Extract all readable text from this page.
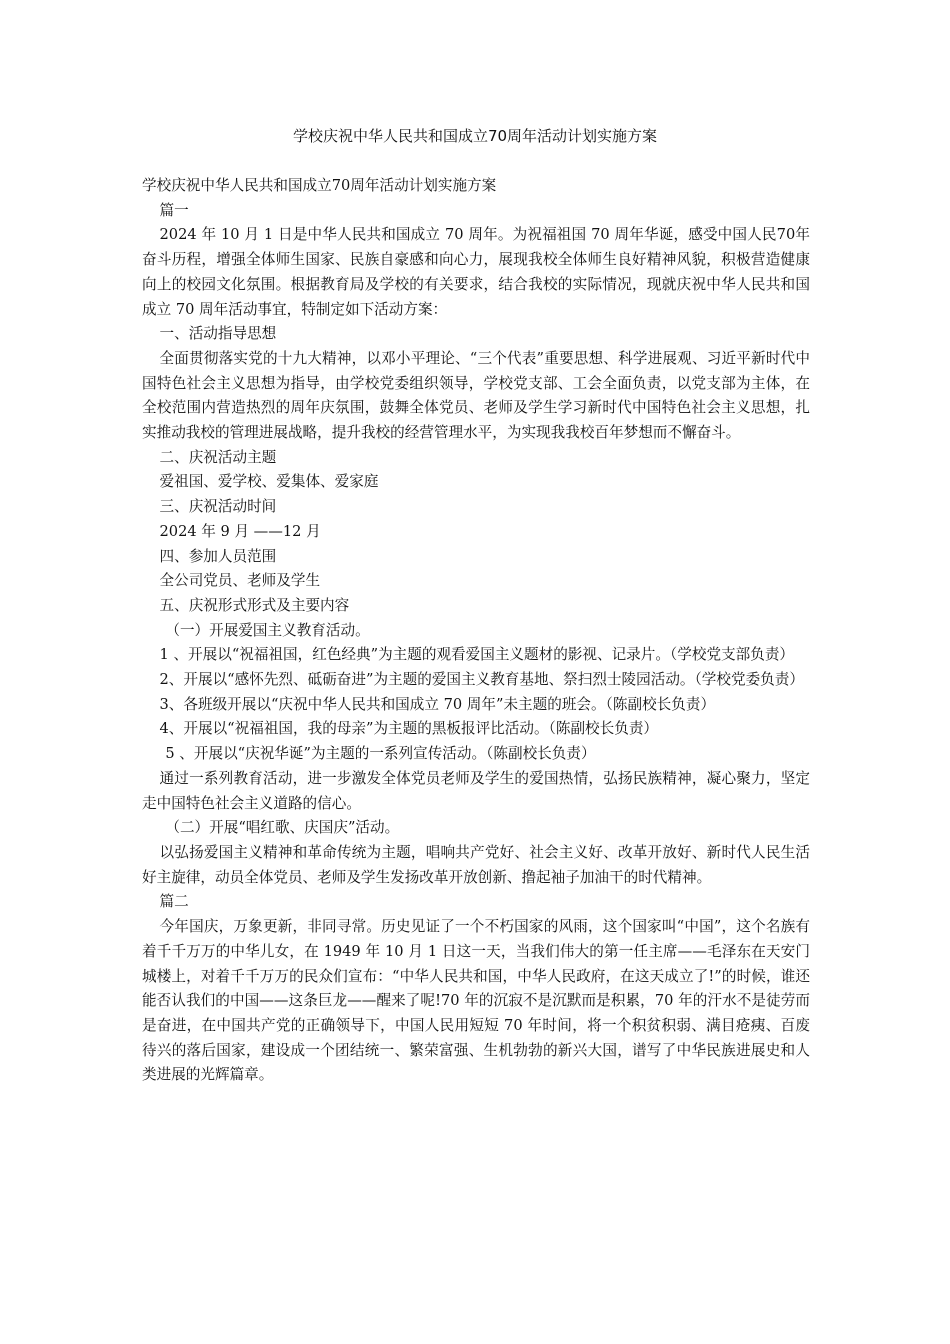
学校庆祝中华人民共和国成立70周年活动计划实施方案

学校庆祝中华人民共和国成立70周年活动计划实施方案

篇一

2024 年 10 月 1 日是中华人民共和国成立 70 周年。为祝福祖国 70 周年华诞，感受中国人民70年奋斗历程，增强全体师生国家、民族自豪感和向心力，展现我校全体师生良好精神风貌，积极营造健康向上的校园文化氛围。根据教育局及学校的有关要求，结合我校的实际情况，现就庆祝中华人民共和国成立 70 周年活动事宜，特制定如下活动方案：

一、活动指导思想

全面贯彻落实党的十九大精神，以邓小平理论、“三个代表”重要思想、科学进展观、习近平新时代中国特色社会主义思想为指导，由学校党委组织领导，学校党支部、工会全面负责，以党支部为主体，在全校范围内营造热烈的周年庆氛围，鼓舞全体党员、老师及学生学习新时代中国特色社会主义思想，扎实推动我校的管理进展战略，提升我校的经营管理水平，为实现我我校百年梦想而不懈奋斗。

二、庆祝活动主题

爱祖国、爱学校、爱集体、爱家庭

三、庆祝活动时间

2024 年 9 月 ——12 月

四、参加人员范围

全公司党员、老师及学生

五、庆祝形式形式及主要内容

（一）开展爱国主义教育活动。

1 、开展以“祝福祖国，红色经典”为主题的观看爱国主义题材的影视、记录片。（学校党支部负责）

2、开展以“感怀先烈、砥砺奋进”为主题的爱国主义教育基地、祭扫烈士陵园活动。（学校党委负责）

3、各班级开展以“庆祝中华人民共和国成立 70 周年”未主题的班会。（陈副校长负责）

4、开展以“祝福祖国，我的母亲”为主题的黑板报评比活动。（陈副校长负责）

5 、开展以“庆祝华诞”为主题的一系列宣传活动。（陈副校长负责）

通过一系列教育活动，进一步激发全体党员老师及学生的爱国热情，弘扬民族精神，凝心聚力，坚定走中国特色社会主义道路的信心。

（二）开展“唱红歌、庆国庆”活动。

以弘扬爱国主义精神和革命传统为主题，唱响共产党好、社会主义好、改革开放好、新时代人民生活好主旋律，动员全体党员、老师及学生发扬改革开放创新、撸起袖子加油干的时代精神。

篇二

今年国庆，万象更新，非同寻常。历史见证了一个不朽国家的风雨，这个国家叫“中国”，这个名族有着千千万万的中华儿女，在 1949 年 10 月 1 日这一天，当我们伟大的第一任主席——毛泽东在天安门城楼上，对着千千万万的民众们宣布：“中华人民共和国，中华人民政府，在这天成立了!”的时候，谁还能否认我们的中国——这条巨龙——醒来了呢!70 年的沉寂不是沉默而是积累，70 年的汗水不是徒劳而是奋进，在中国共产党的正确领导下，中国人民用短短 70 年时间，将一个积贫积弱、满目疮痍、百废待兴的落后国家，建设成一个团结统一、繁荣富强、生机勃勃的新兴大国，谱写了中华民族进展史和人类进展的光辉篇章。
